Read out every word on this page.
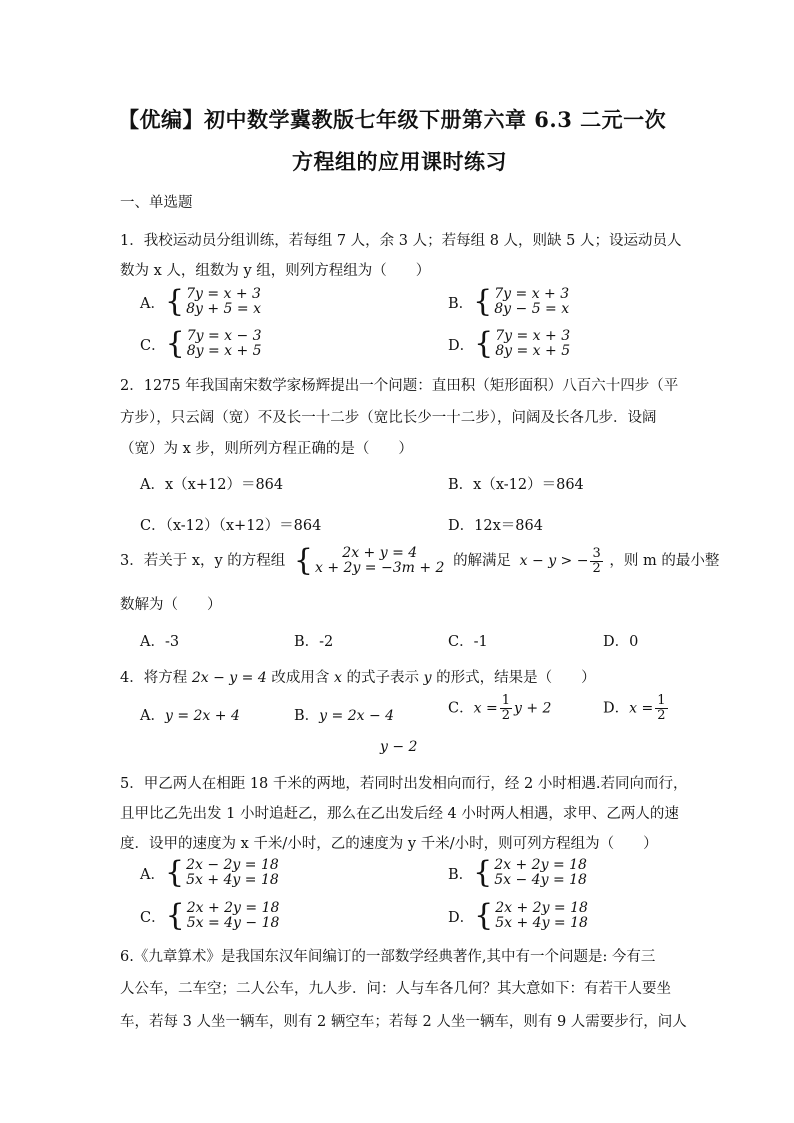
【优编】初中数学冀教版七年级下册第六章 6.3 二元一次
方程组的应用课时练习
一、单选题
1．我校运动员分组训练，若每组 7 人，余 3 人；若每组 8 人，则缺 5 人；设运动员人
数为 x 人，组数为 y 组，则列方程组为（　　）
A． { 7y = x + 3
8y + 5 = x	B． { 7y = x + 3
8y − 5 = x
C． { 7y = x − 3
8y = x + 5	D． { 7y = x + 3
8y = x + 5
2．1275 年我国南宋数学家杨辉提出一个问题：直田积（矩形面积）八百六十四步（平
方步），只云阔（宽）不及长一十二步（宽比长少一十二步），问阔及长各几步．设阔
（宽）为 x 步，则所列方程正确的是（　　）
A．x（x+12）＝864	B．x（x-12）＝864
C．（x-12）（x+12）＝864	D．12x＝864
3．若关于 x，y 的方程组 { 2x + y = 4
x + 2y = −3m + 2 的解满足 x − y > − $\frac{3}{2}$ ，则 m 的最小整
数解为（　　）
A．-3	B．-2	C．-1	D．0
4．将方程 2x − y = 4 改成用含 x 的式子表示 y 的形式，结果是（　　）
A．y = 2x + 4	B．y = 2x − 4	C．$x = \frac{1}{2}$ y + 2	D．$x = \frac{1}{2}$
y − 2
5．甲乙两人在相距 18 千米的两地，若同时出发相向而行，经 2 小时相遇.若同向而行，
且甲比乙先出发 1 小时追赶乙，那么在乙出发后经 4 小时两人相遇，求甲、乙两人的速
度．设甲的速度为 x 千米/小时，乙的速度为 y 千米/小时，则可列方程组为（　　）
A． { 2x − 2y = 18
5x + 4y = 18	B． { 2x + 2y = 18
5x − 4y = 18
C． { 2x + 2y = 18
5x = 4y − 18	D． { 2x + 2y = 18
5x + 4y = 18
6.《九章算术》是我国东汉年间编订的一部数学经典著作,其中有一个问题是: 今有三
人公车，二车空；二人公车，九人步．问：人与车各几何？其大意如下：有若干人要坐
车，若每 3 人坐一辆车，则有 2 辆空车；若每 2 人坐一辆车，则有 9 人需要步行，问人
